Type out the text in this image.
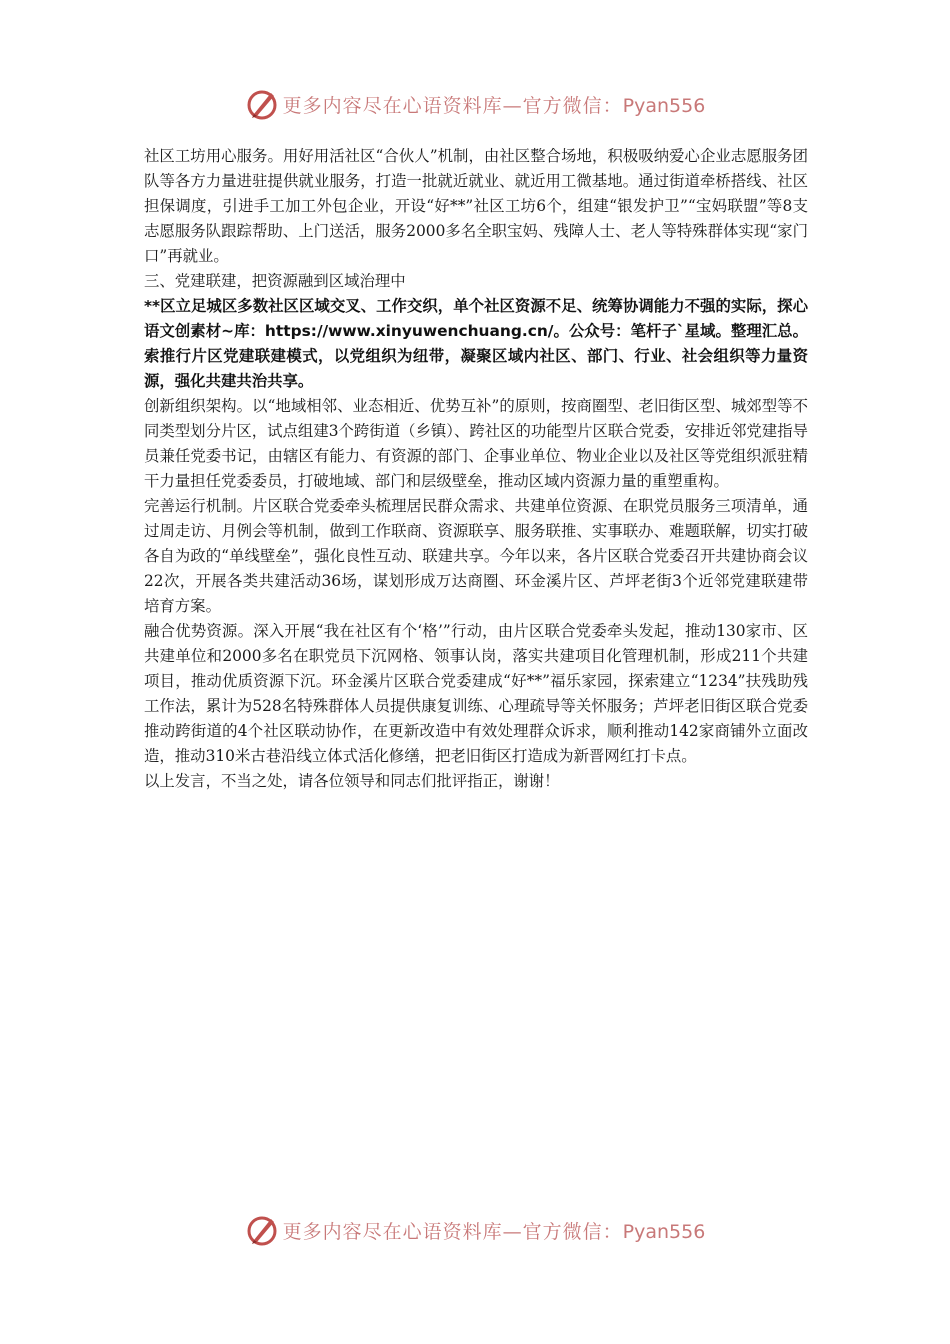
更多内容尽在心语资料库—官方微信：Pyan556

社区工坊用心服务。用好用活社区“合伙人”机制，由社区整合场地，积极吸纳爱心企业志愿服务团队等各方力量进驻提供就业服务，打造一批就近就业、就近用工微基地。通过街道牵桥搭线、社区担保调度，引进手工加工外包企业，开设“好**”社区工坊6个，组建“银发护卫”“宝妈联盟”等8支志愿服务队跟踪帮助、上门送活，服务2000多名全职宝妈、残障人士、老人等特殊群体实现“家门口”再就业。

三、党建联建，把资源融到区域治理中

**区立足城区多数社区区域交叉、工作交织，单个社区资源不足、统筹协调能力不强的实际，探心语文创素材~库：https://www.xinyuwenchuang.cn/。公众号：笔杆子`星域。整理汇总。索推行片区党建联建模式，以党组织为纽带，凝聚区域内社区、部门、行业、社会组织等力量资源，强化共建共治共享。

创新组织架构。以“地域相邻、业态相近、优势互补”的原则，按商圈型、老旧街区型、城郊型等不同类型划分片区，试点组建3个跨街道（乡镇）、跨社区的功能型片区联合党委，安排近邻党建指导员兼任党委书记，由辖区有能力、有资源的部门、企事业单位、物业企业以及社区等党组织派驻精干力量担任党委委员，打破地域、部门和层级壁垒，推动区域内资源力量的重塑重构。

完善运行机制。片区联合党委牵头梳理居民群众需求、共建单位资源、在职党员服务三项清单，通过周走访、月例会等机制，做到工作联商、资源联享、服务联推、实事联办、难题联解，切实打破各自为政的“单线壁垒”，强化良性互动、联建共享。今年以来，各片区联合党委召开共建协商会议22次，开展各类共建活动36场，谋划形成万达商圈、环金溪片区、芦坪老街3个近邻党建联建带培育方案。

融合优势资源。深入开展“我在社区有个‘格’”行动，由片区联合党委牵头发起，推动130家市、区共建单位和2000多名在职党员下沉网格、领事认岗，落实共建项目化管理机制，形成211个共建项目，推动优质资源下沉。环金溪片区联合党委建成“好**”福乐家园，探索建立“1234”扶残助残工作法，累计为528名特殊群体人员提供康复训练、心理疏导等关怀服务；芦坪老旧街区联合党委推动跨街道的4个社区联动协作，在更新改造中有效处理群众诉求，顺利推动142家商铺外立面改造，推动310米古巷沿线立体式活化修缮，把老旧街区打造成为新晋网红打卡点。

以上发言，不当之处，请各位领导和同志们批评指正，谢谢！

更多内容尽在心语资料库—官方微信：Pyan556
